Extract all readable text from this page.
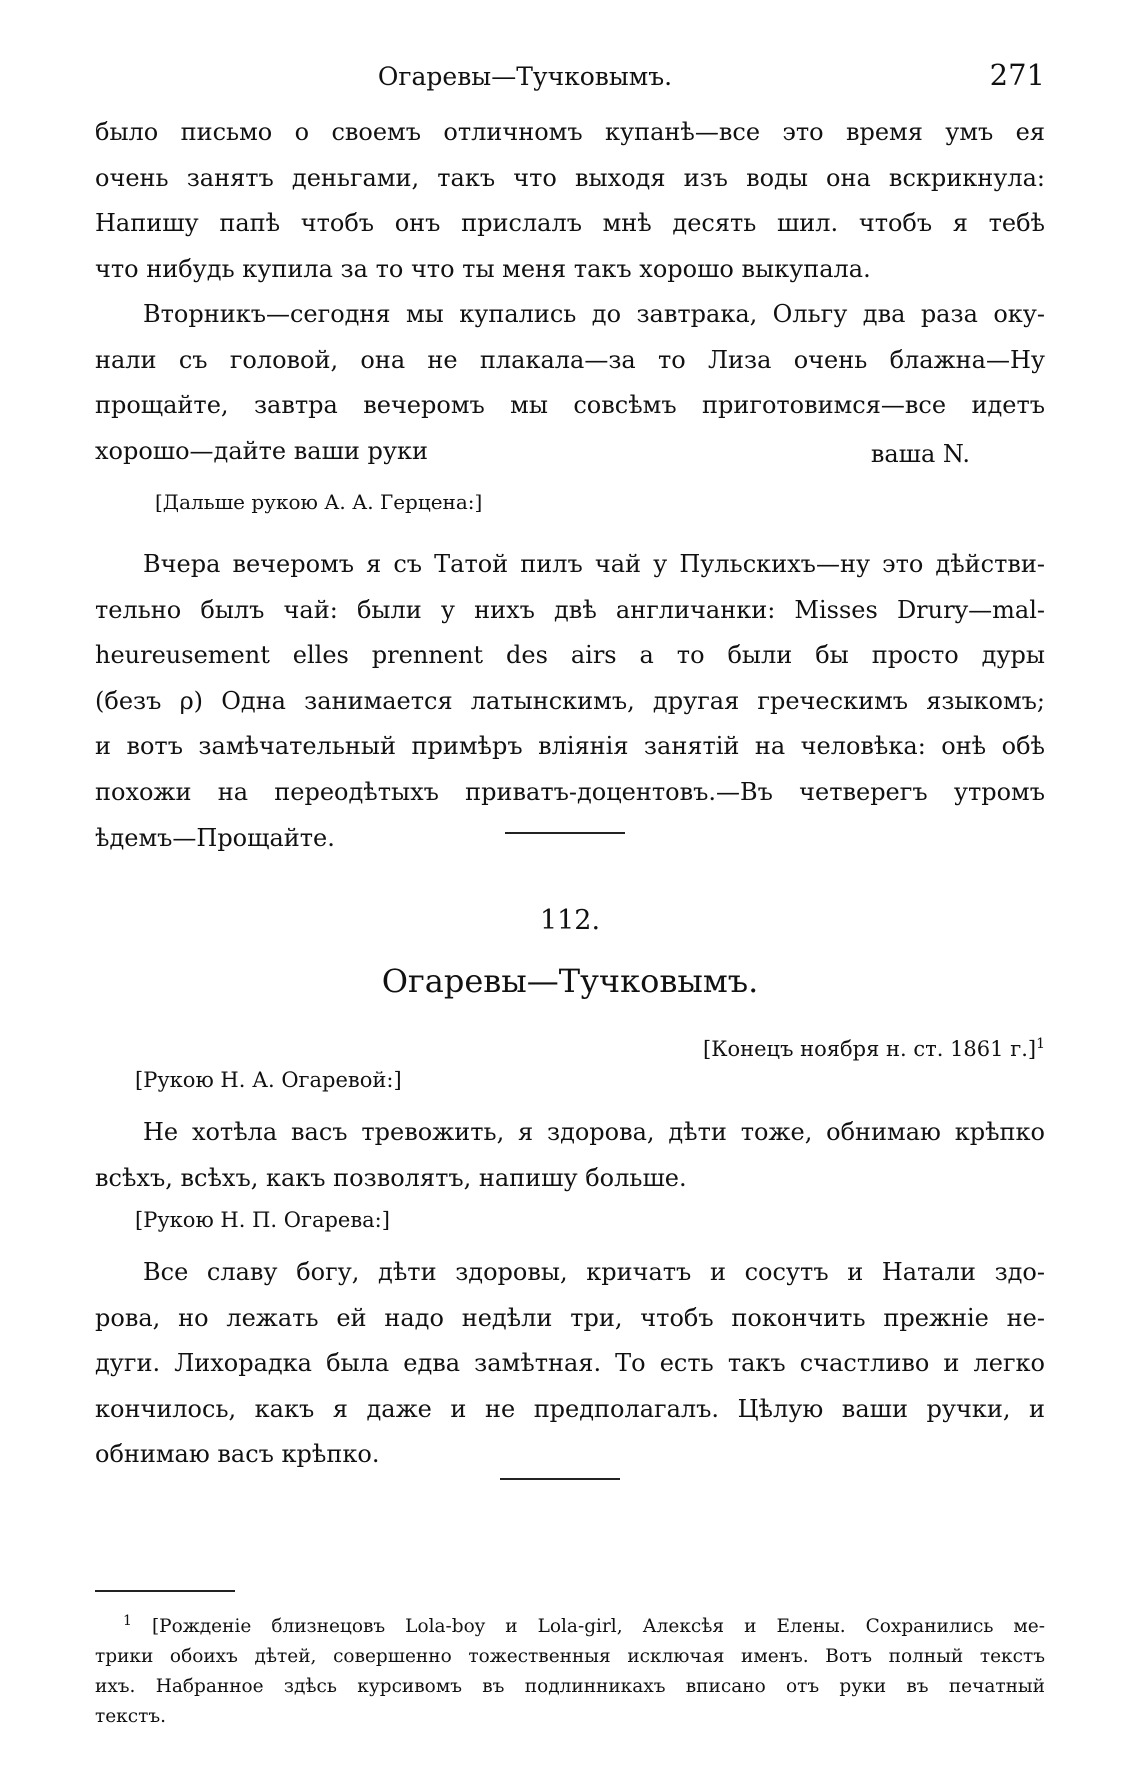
Огаревы—Тучковымъ.	271
было письмо о своемъ отличномъ купанѣ—все это время умъ ея
очень занятъ деньгами, такъ что выходя изъ воды она вскрикнула:
Напишу папѣ чтобъ онъ прислалъ мнѣ десять шил. чтобъ я тебѣ
что нибудь купила за то что ты меня такъ хорошо выкупала.
Вторникъ—сегодня мы купались до завтрака, Ольгу два раза оку-
нали съ головой, она не плакала—за то Лиза очень блажна—Ну
прощайте, завтра вечеромъ мы совсѣмъ приготовимся—все идетъ
хорошо—дайте ваши руки	ваша N.
[Дальше рукою А. А. Герцена:]
Вчера вечеромъ я съ Татой пилъ чай у Пульскихъ—ну это дѣйстви-
тельно былъ чай: были у нихъ двѣ англичанки: Misses Drury—mal-
heureusement elles prennent des airs а то были бы просто дуры
(безъ ρ) Одна занимается латынскимъ, другая греческимъ языкомъ;
и вотъ замѣчательный примѣръ вліянія занятій на человѣка: онѣ обѣ
похожи на переодѣтыхъ приватъ-доцентовъ.—Въ четверегъ утромъ
ѣдемъ—Прощайте.
112.
Огаревы—Тучковымъ.
[Конецъ ноября н. ст. 1861 г.]$^1$
[Рукою Н. А. Огаревой:]
Не хотѣла васъ тревожить, я здорова, дѣти тоже, обнимаю крѣпко
всѣхъ, всѣхъ, какъ позволятъ, напишу больше.
[Рукою Н. П. Огарева:]
Все славу богу, дѣти здоровы, кричатъ и сосутъ и Натали здо-
рова, но лежать ей надо недѣли три, чтобъ покончить прежніе не-
дуги. Лихорадка была едва замѣтная. То есть такъ счастливо и легко
кончилось, какъ я даже и не предполагалъ. Цѣлую ваши ручки, и
обнимаю васъ крѣпко.
$^1$ [Рожденіе близнецовъ Lola-boy и Lola-girl, Алексѣя и Елены. Сохранились ме-
трики обоихъ дѣтей, совершенно тожественныя исключая именъ. Вотъ полный текстъ
ихъ. Набранное здѣсь курсивомъ въ подлинникахъ вписано отъ руки въ печатный
текстъ.
